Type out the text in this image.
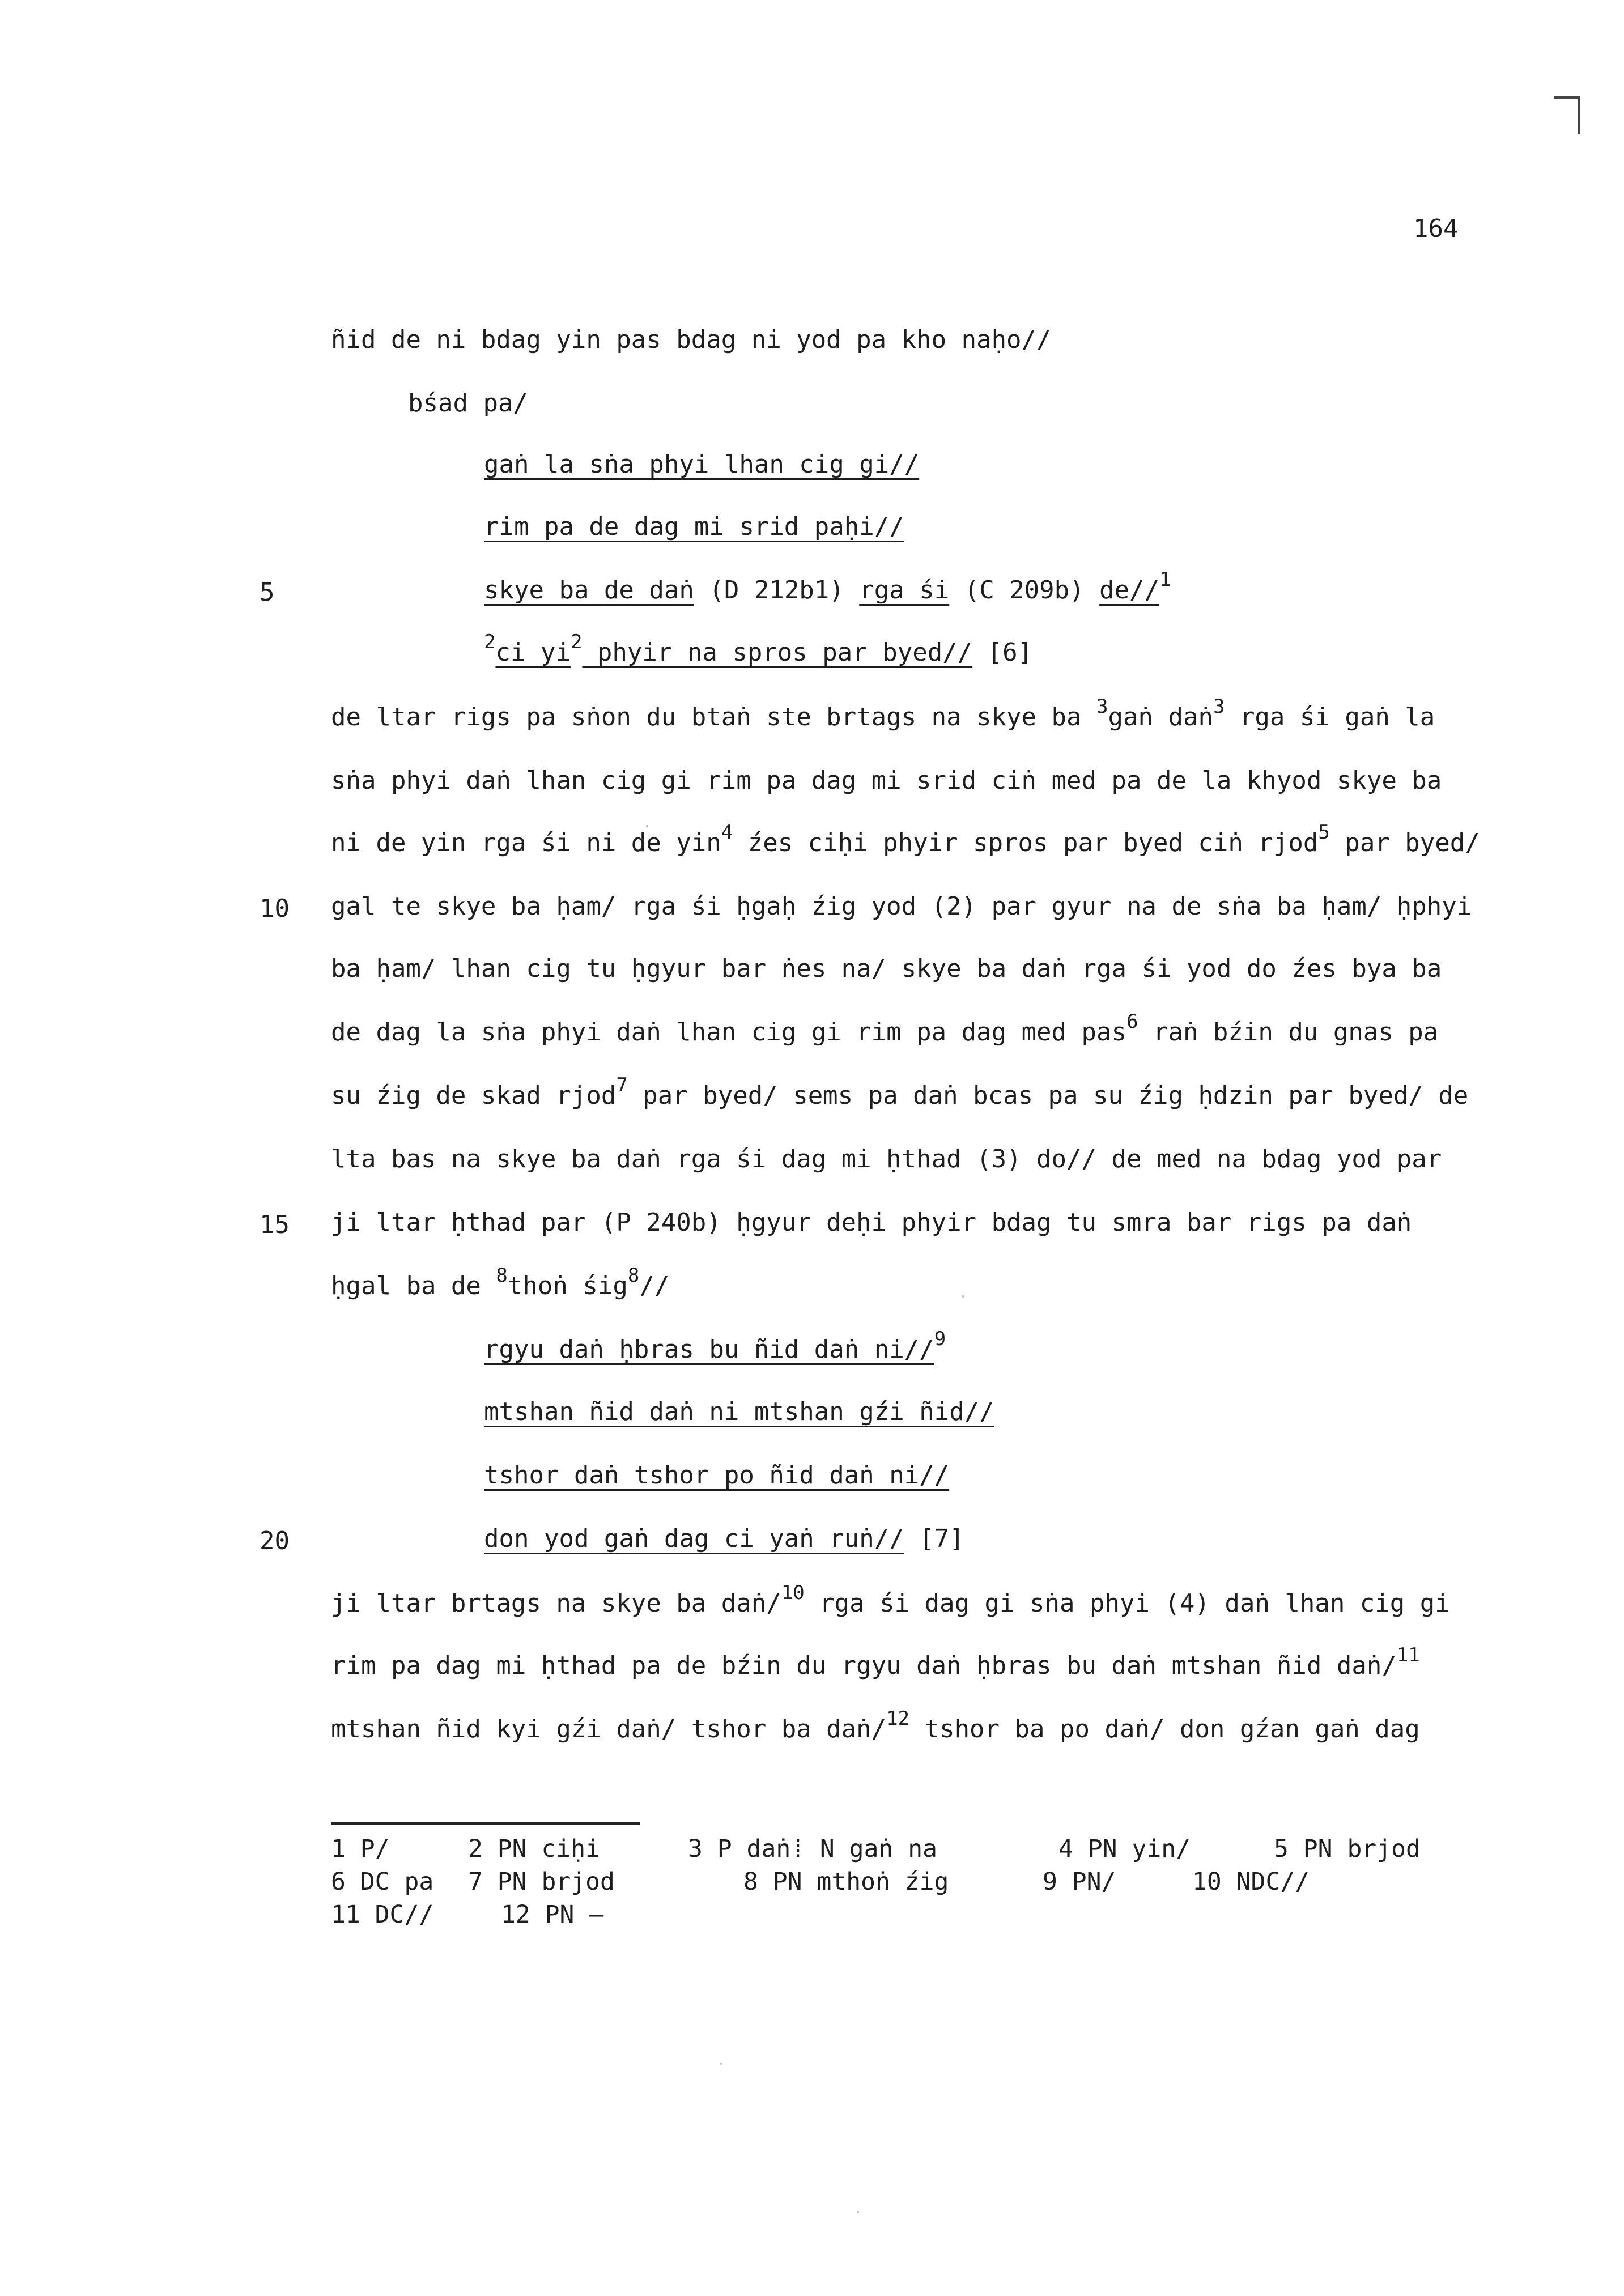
164
ñid de ni bdag yin pas bdag ni yod pa kho naḥo//
bśad pa/
gaṅ la sṅa phyi lhan cig gi//
rim pa de dag mi srid paḥi//
5	skye ba de daṅ (D 212b1) rga śi (C 209b) de//$^1$
$^2$ci $yi^2$ phyir na spros par byed// [6]
de ltar rigs pa sṅon du btaṅ ste brtags na skye ba $^3$gaṅ daṅ$^3$ rga śi gaṅ la
sṅa phyi daṅ lhan cig gi rim pa dag mi srid ciṅ med pa de la khyod skye ba
ni de yin rga śi ni de yin$^4$ źes ciḥi phyir spros par byed ciṅ rjod$^5$ par byed/
10 gal te skye ba ḥam/ rga śi ḥgaḥ źig yod (2) par gyur na de sṅa ba ḥam/ ḥphyi
ba ḥam/ lhan cig tu ḥgyur bar ṅes na/ skye ba daṅ rga śi yod do źes bya ba
de dag la sṅa phyi daṅ lhan cig gi rim pa dag med pas$^6$ raṅ bźin du gnas pa
su źig de skad rjod$^7$ par byed/ sems pa daṅ bcas pa su źig ḥdzin par byed/ de
lta bas na skye ba daṅ rga śi dag mi ḥthad (3) do// de med na bdag yod par
15 ji ltar ḥthad par (P 240b) ḥgyur deḥi phyir bdag tu smra bar rigs pa daṅ
ḥgal ba de $^8$thoṅ śig$^8$//
rgyu daṅ ḥbras bu ñid daṅ ni//$^9$
mtshan ñid daṅ ni mtshan gźi ñid//
tshor daṅ tshor po ñid daṅ ni//
20	don yod gaṅ dag ci yaṅ ruṅ// [7]
ji ltar brtags na skye ba daṅ/$^{10}$ rga śi dag gi sṅa phyi (4) daṅ lhan cig gi
rim pa dag mi ḥthad pa de bźin du rgyu daṅ ḥbras bu daṅ mtshan ñid daṅ/$^{11}$
mtshan ñid kyi gźi daṅ/ tshor ba daṅ/$^{12}$ tshor ba po daṅ/ don gźan gaṅ dag

1 P/

	2 PN ciḥi

	3 P daṅ⁞ N gaṅ na

	4 PN yin/

	5 PN brjod

6 DC pa

7 PN brjod

	8 PN mthoṅ źig

	9 PN/

	10 NDC//

11 DC//

	12 PN —
